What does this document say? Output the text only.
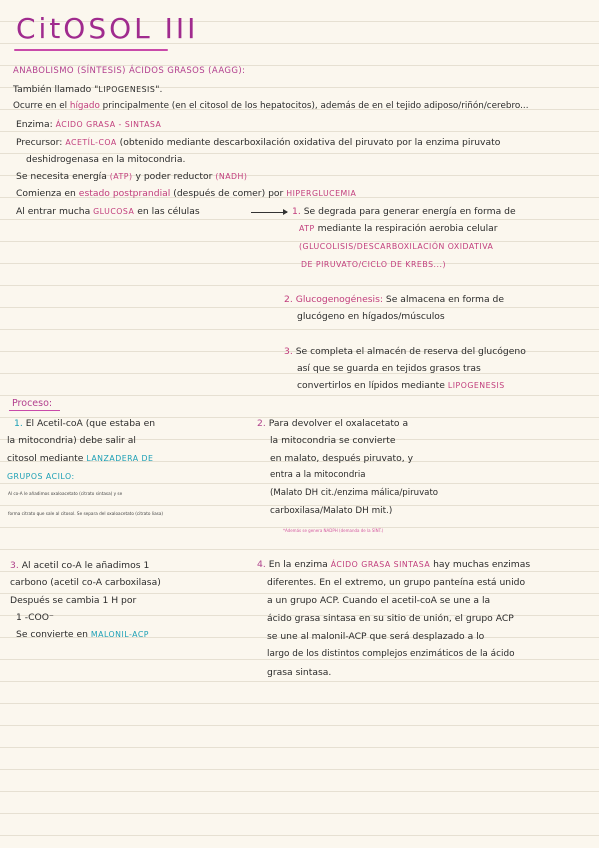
CitOSOL III
ANABOLISMO (SÍNTESIS) ÁCIDOS GRASOS (AAGG):
También llamado "LIPOGENESIS".
Ocurre en el hígado principalmente (en el citosol de los hepatocitos), además de en el tejido adiposo/riñón/cerebro...
Enzima: ÁCIDO GRASA - SINTASA
Precursor: ACETÍL-COA (obtenido mediante descarboxilación oxidativa del piruvato por la enzima piruvato
deshidrogenasa en la mitocondria.
Se necesita energía (ATP) y poder reductor (NADH)
Comienza en estado postprandial (después de comer) por HIPERGLUCEMIA
Al entrar mucha GLUCOSA en las células	1. Se degrada para generar energía en forma de
ATP mediante la respiración aerobia celular
(GLUCOLISIS/DESCARBOXILACIÓN OXIDATIVA
DE PIRUVATO/CICLO DE KREBS...)
2. Glucogenogénesis: Se almacena en forma de
glucógeno en hígados/músculos
3. Se completa el almacén de reserva del glucógeno
así que se guarda en tejidos grasos tras
convertirlos en lípidos mediante LIPOGENESIS
Proceso:
1. El Acetil-coA (que estaba en
la mitocondria) debe salir al
citosol mediante LANZADERA DE
GRUPOS ACILO:
Al co-A le añadimos oxaloacetato (citrato sintasa) y se
forma citrato que sale al citosol. Se separa del oxaloacetato (citrato liasa)
2. Para devolver el oxalacetato a
la mitocondria se convierte
en malato, después piruvato, y
entra a la mitocondria
(Malato DH cit./enzima málica/piruvato
carboxilasa/Malato DH mit.)
*Además se genera NADPH (demanda de la SÍNT.)
3. Al acetil co-A le añadimos 1
carbono (acetil co-A carboxilasa)
Después se cambia 1 H por
1 -COO⁻
Se convierte en MALONIL-ACP
4. En la enzima ÁCIDO GRASA SINTASA hay muchas enzimas
diferentes. En el extremo, un grupo panteína está unido
a un grupo ACP. Cuando el acetil-coA se une a la
ácido grasa sintasa en su sitio de unión, el grupo ACP
se une al malonil-ACP que será desplazado a lo
largo de los distintos complejos enzimáticos de la ácido
grasa sintasa.
